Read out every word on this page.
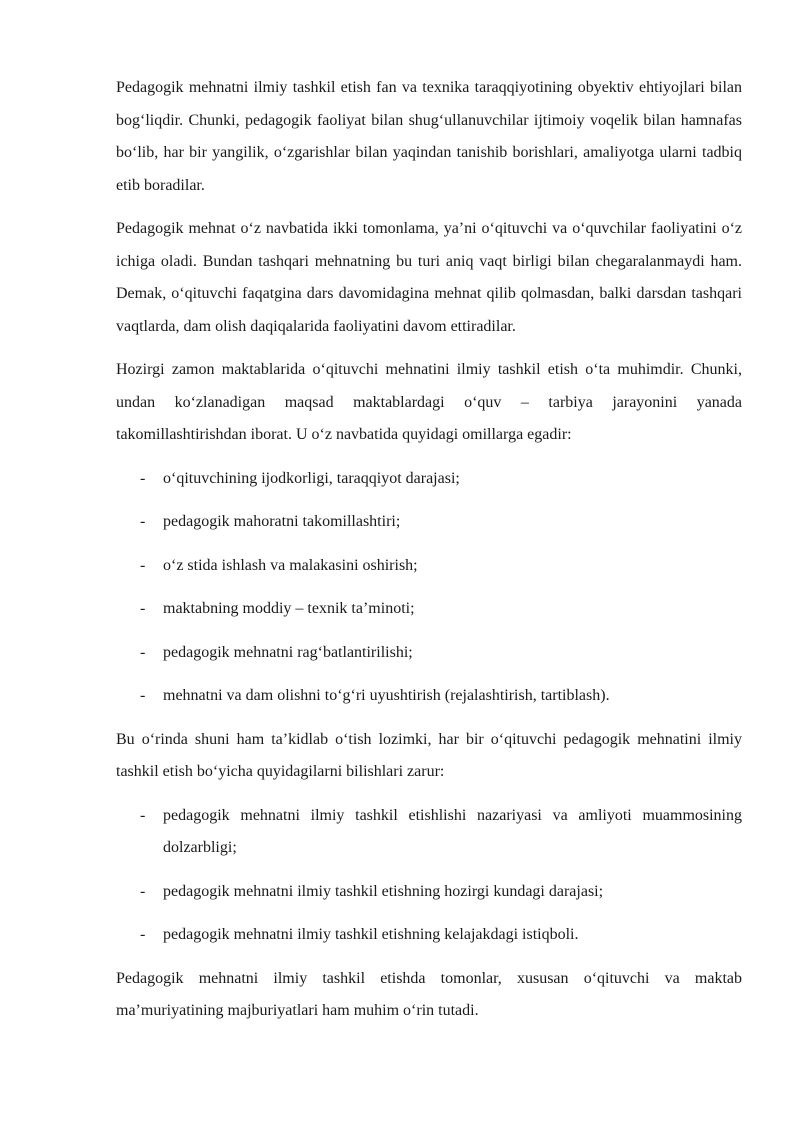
Pedagogik mehnatni ilmiy tashkil etish fan va texnika taraqqiyotining obyektiv ehtiyojlari bilan bog‘liqdir. Chunki, pedagogik faoliyat bilan shug‘ullanuvchilar ijtimoiy voqelik bilan hamnafas bo‘lib, har bir yangilik, o‘zgarishlar bilan yaqindan tanishib borishlari, amaliyotga ularni tadbiq etib boradilar.

Pedagogik mehnat o‘z navbatida ikki tomonlama, ya’ni o‘qituvchi va o‘quvchilar faoliyatini o‘z ichiga oladi. Bundan tashqari mehnatning bu turi aniq vaqt birligi bilan chegaralanmaydi ham. Demak, o‘qituvchi faqatgina dars davomidagina mehnat qilib qolmasdan, balki darsdan tashqari vaqtlarda, dam olish daqiqalarida faoliyatini davom ettiradilar.

Hozirgi zamon maktablarida o‘qituvchi mehnatini ilmiy tashkil etish o‘ta muhimdir. Chunki, undan ko‘zlanadigan maqsad maktablardagi o‘quv – tarbiya jarayonini yanada takomillashtirishdan iborat. U o‘z navbatida quyidagi omillarga egadir:

- o‘qituvchining ijodkorligi, taraqqiyot darajasi;
- pedagogik mahoratni takomillashtiri;
- o‘z stida ishlash va malakasini oshirish;
- maktabning moddiy – texnik ta’minoti;
- pedagogik mehnatni rag‘batlantirilishi;
- mehnatni va dam olishni to‘g‘ri uyushtirish (rejalashtirish, tartiblash).

Bu o‘rinda shuni ham ta’kidlab o‘tish lozimki, har bir o‘qituvchi pedagogik mehnatini ilmiy tashkil etish bo‘yicha quyidagilarni bilishlari zarur:

- pedagogik mehnatni ilmiy tashkil etishlishi nazariyasi va amliyoti muammosining dolzarbligi;
- pedagogik mehnatni ilmiy tashkil etishning hozirgi kundagi darajasi;
- pedagogik mehnatni ilmiy tashkil etishning kelajakdagi istiqboli.

Pedagogik mehnatni ilmiy tashkil etishda tomonlar, xususan o‘qituvchi va maktab ma’muriyatining majburiyatlari ham muhim o‘rin tutadi.
